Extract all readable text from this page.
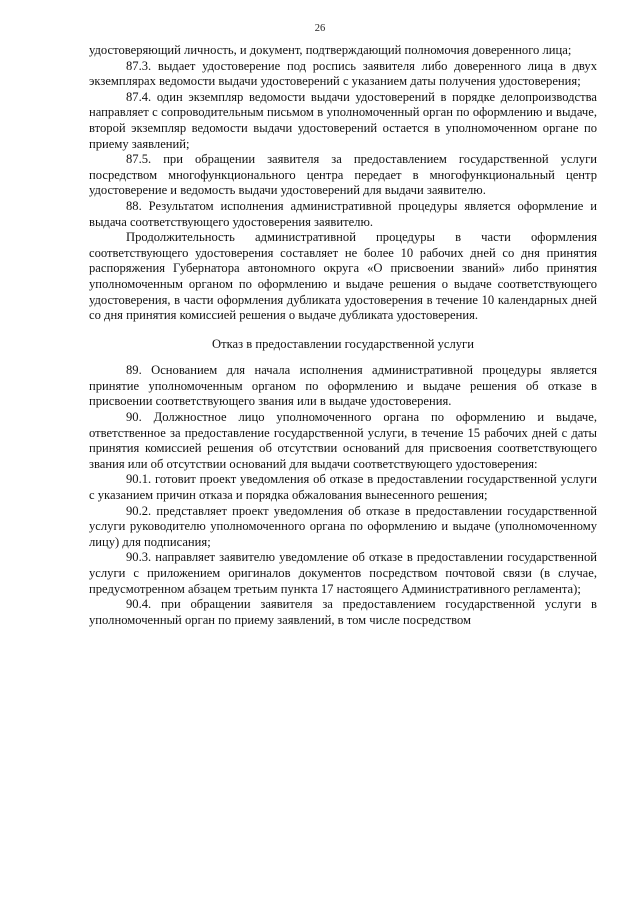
26

удостоверяющий личность, и документ, подтверждающий полномочия доверенного лица;

87.3. выдает удостоверение под роспись заявителя либо доверенного лица в двух экземплярах ведомости выдачи удостоверений с указанием даты получения удостоверения;

87.4. один экземпляр ведомости выдачи удостоверений в порядке делопроизводства направляет с сопроводительным письмом в уполномоченный орган по оформлению и выдаче, второй экземпляр ведомости выдачи удостоверений остается в уполномоченном органе по приему заявлений;

87.5. при обращении заявителя за предоставлением государственной услуги посредством многофункционального центра передает в многофункциональный центр удостоверение и ведомость выдачи удостоверений для выдачи заявителю.

88. Результатом исполнения административной процедуры является оформление и выдача соответствующего удостоверения заявителю.

Продолжительность административной процедуры в части оформления соответствующего удостоверения составляет не более 10 рабочих дней со дня принятия распоряжения Губернатора автономного округа «О присвоении званий» либо принятия уполномоченным органом по оформлению и выдаче решения о выдаче соответствующего удостоверения, в части оформления дубликата удостоверения в течение 10 календарных дней со дня принятия комиссией решения о выдаче дубликата удостоверения.

Отказ в предоставлении государственной услуги

89. Основанием для начала исполнения административной процедуры является принятие уполномоченным органом по оформлению и выдаче решения об отказе в присвоении соответствующего звания или в выдаче удостоверения.

90. Должностное лицо уполномоченного органа по оформлению и выдаче, ответственное за предоставление государственной услуги, в течение 15 рабочих дней с даты принятия комиссией решения об отсутствии оснований для присвоения соответствующего звания или об отсутствии оснований для выдачи соответствующего удостоверения:

90.1. готовит проект уведомления об отказе в предоставлении государственной услуги с указанием причин отказа и порядка обжалования вынесенного решения;

90.2. представляет проект уведомления об отказе в предоставлении государственной услуги руководителю уполномоченного органа по оформлению и выдаче (уполномоченному лицу) для подписания;

90.3. направляет заявителю уведомление об отказе в предоставлении государственной услуги с приложением оригиналов документов посредством почтовой связи (в случае, предусмотренном абзацем третьим пункта 17 настоящего Административного регламента);

90.4. при обращении заявителя за предоставлением государственной услуги в уполномоченный орган по приему заявлений, в том числе посредством
